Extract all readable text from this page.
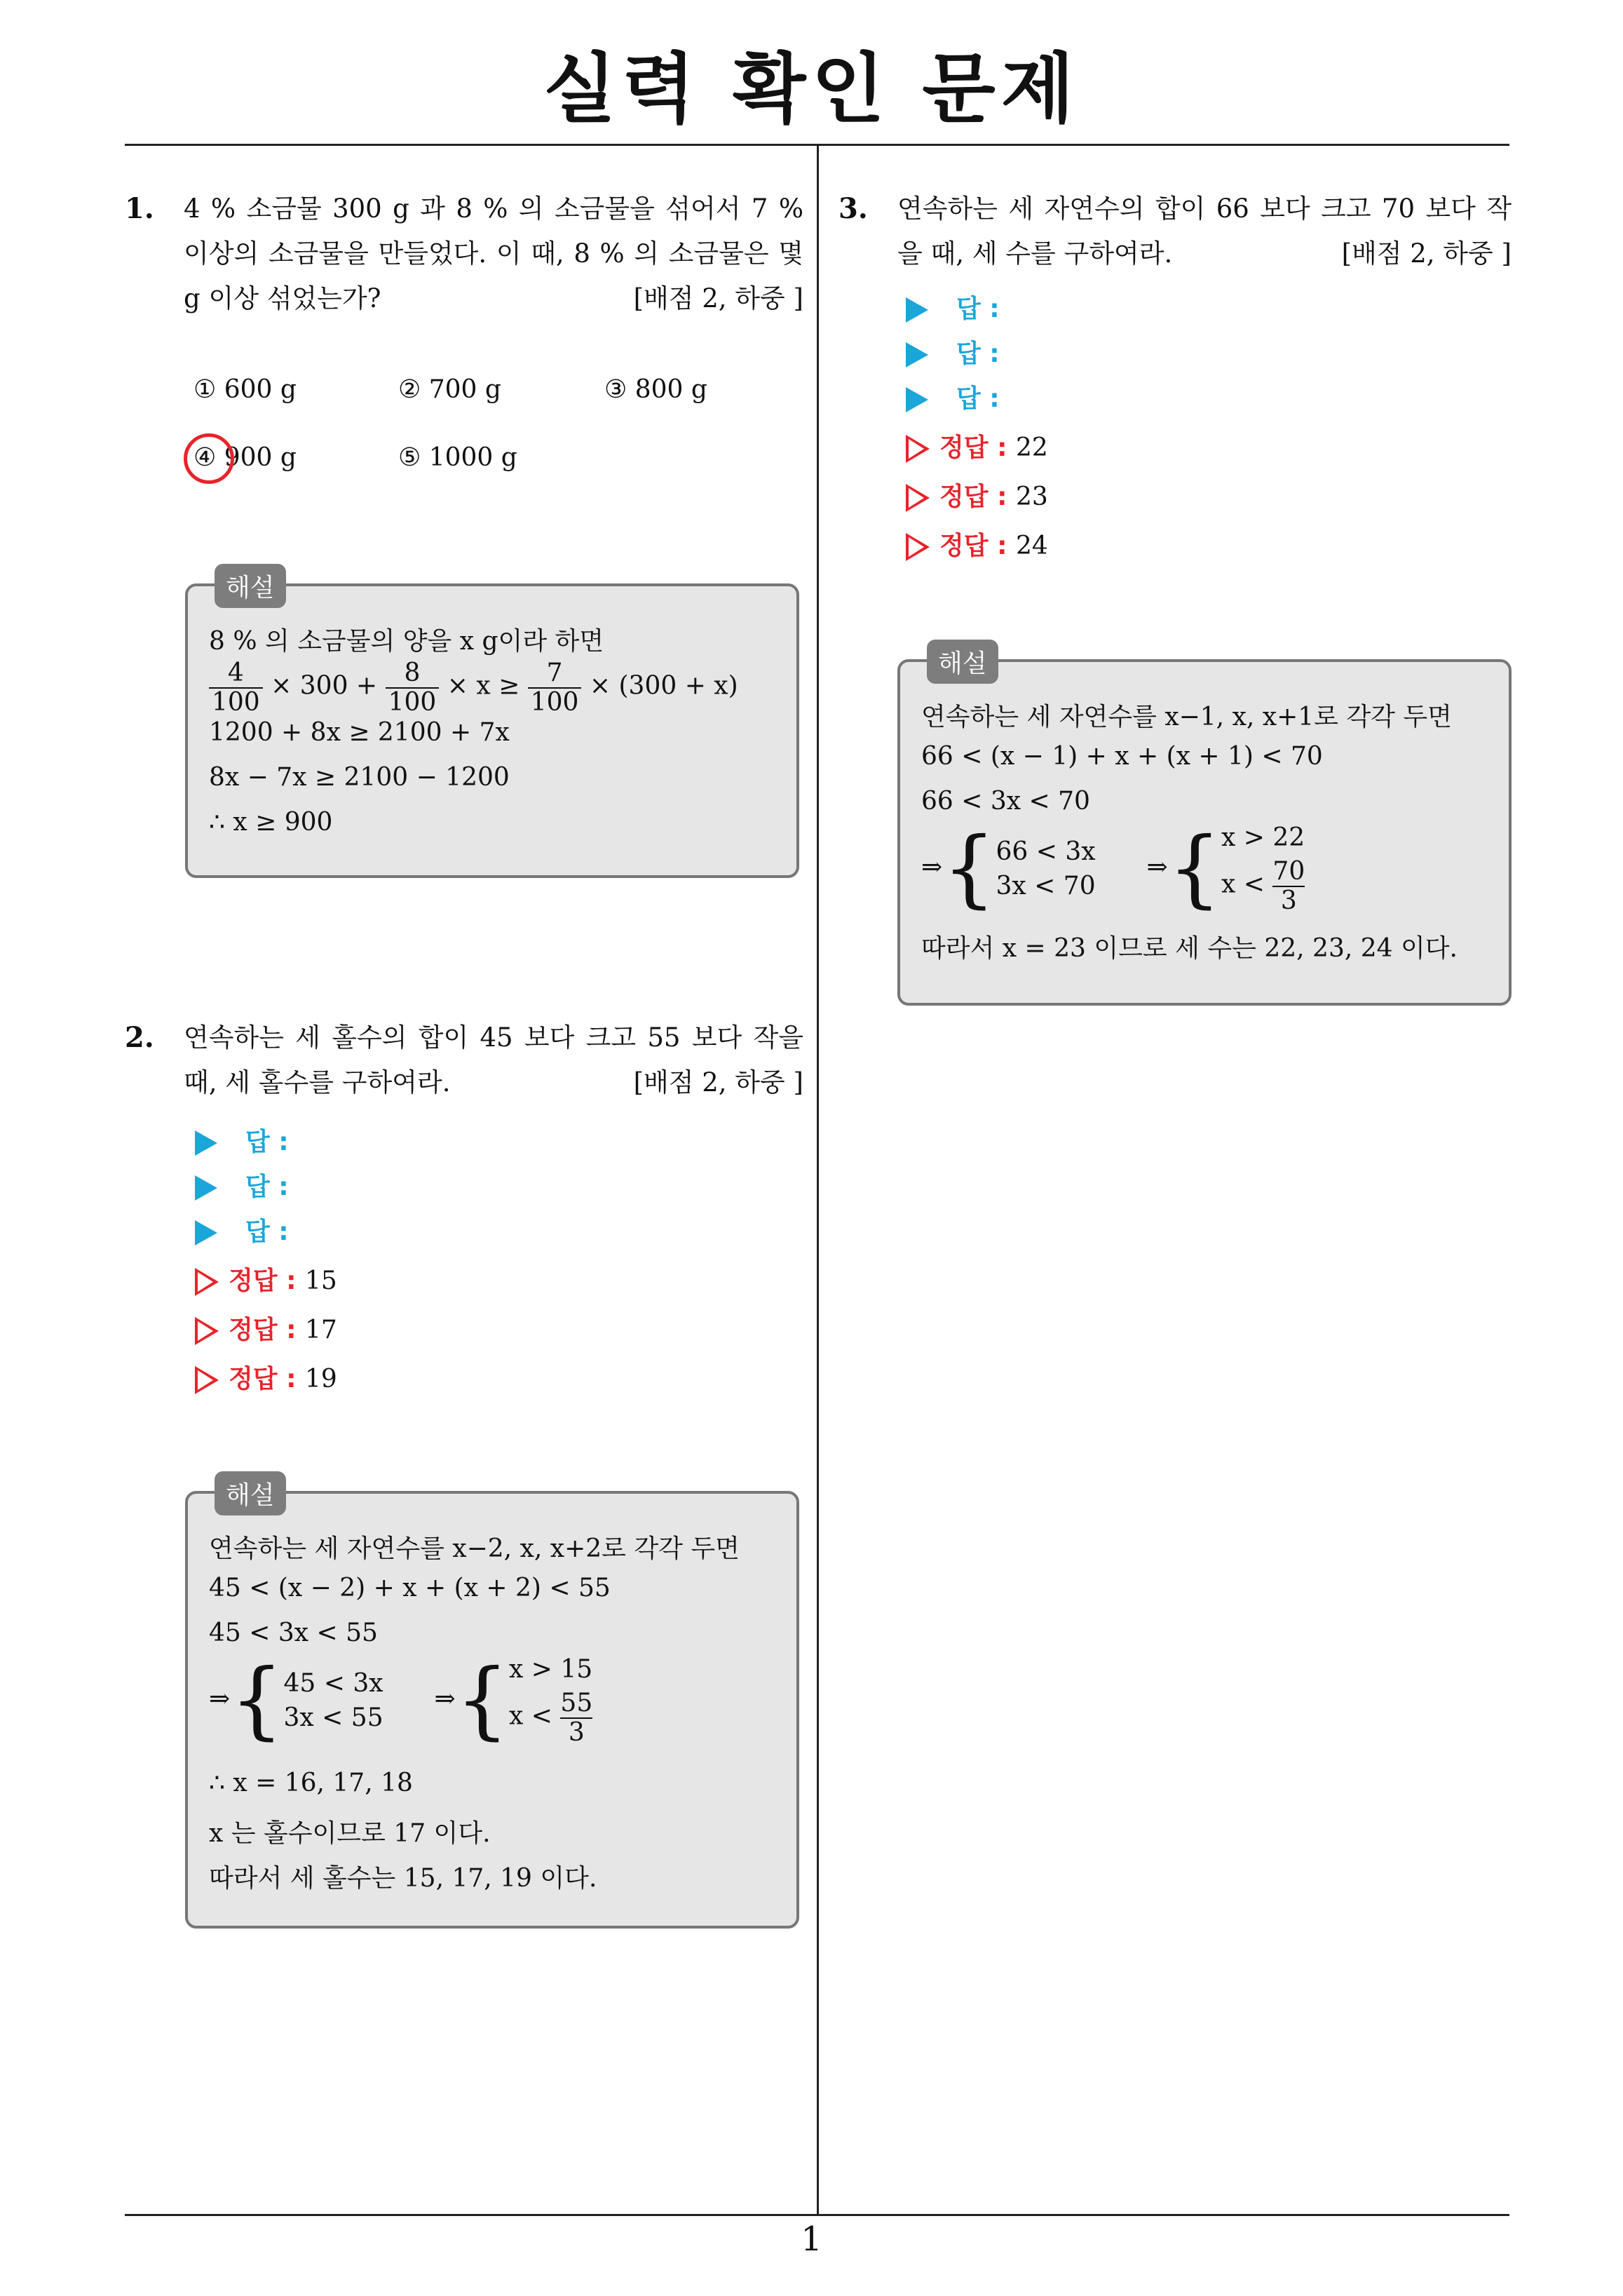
실력 확인 문제
1
1. 4 % 소금물 300 g 과 8 % 의 소금물을 섞어서 7 % 이상의 소금물을 만들었다. 이 때, 8 % 의 소금물은 몇 g 이상 섞었는가?	[배점 2, 하중 ]
① 600 g	② 700 g	③ 800 g
④ 900 g	⑤ 1000 g
8 % 의 소금물의 양을 x g이라 하면
$\frac{4}{100} \times 300 + \frac{8}{100} \times x \ge \frac{7}{100} \times (300 + x)$
1200 + 8x ≥ 2100 + 7x
8x − 7x ≥ 2100 − 1200
∴ x ≥ 900
해설
2. 연속하는 세 홀수의 합이 45 보다 크고 55 보다 작을 때, 세 홀수를 구하여라.	[배점 2, 하중 ]
답 :
답 :
답 :
정답 : 15
정답 : 17
정답 : 19
연속하는 세 자연수를 x−2, x, x+2로 각각 두면
45 < (x − 2) + x + (x + 2) < 55
45 < 3x < 55
⇒{ 45 < 3x
3x < 55
⇒{ x > 15
$x < \frac{55}{3}$
∴ x = 16, 17, 18
x 는 홀수이므로 17 이다.
따라서 세 홀수는 15, 17, 19 이다.
해설
3. 연속하는 세 자연수의 합이 66 보다 크고 70 보다 작을 때, 세 수를 구하여라.	[배점 2, 하중 ]
답 :
답 :
답 :
정답 : 22
정답 : 23
정답 : 24
연속하는 세 자연수를 x−1, x, x+1로 각각 두면
66 < (x − 1) + x + (x + 1) < 70
66 < 3x < 70
⇒{ 66 < 3x
3x < 70
⇒{ x > 22
$x < \frac{70}{3}$
따라서 x = 23 이므로 세 수는 22, 23, 24 이다.
해설
